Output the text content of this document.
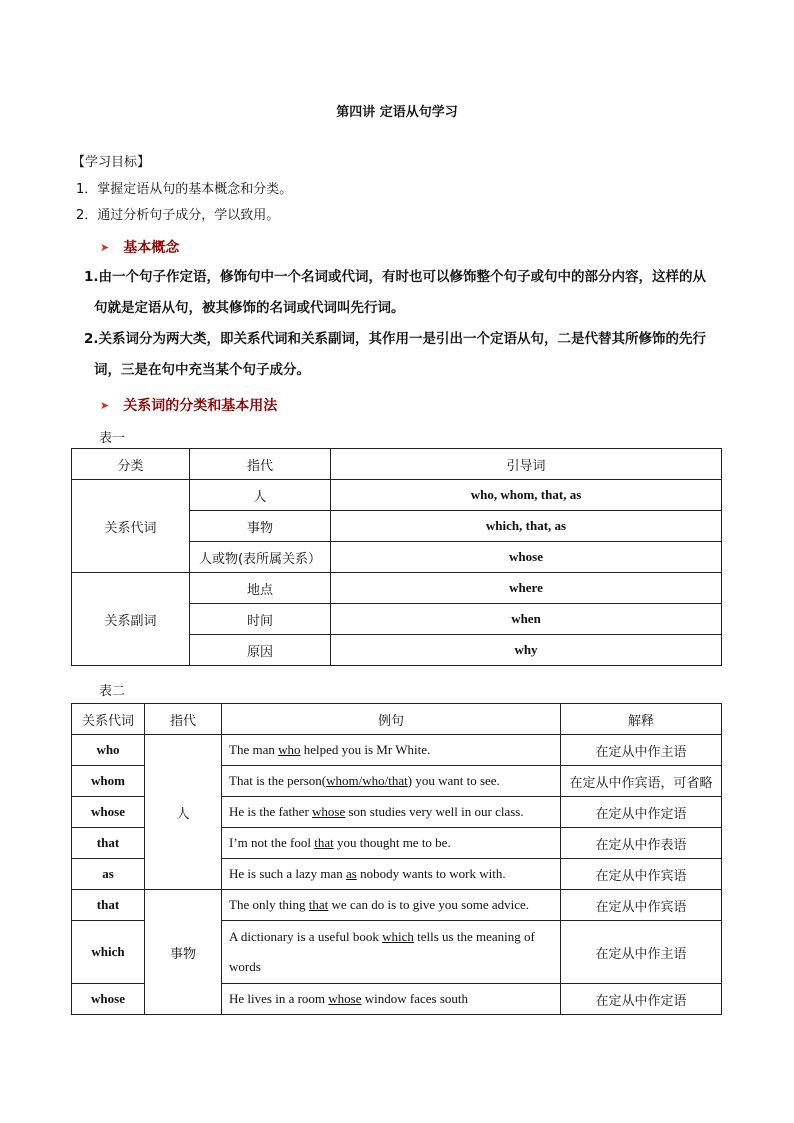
第四讲 定语从句学习
【学习目标】
1．掌握定语从句的基本概念和分类。
2．通过分析句子成分，学以致用。
➤ 基本概念
1.由一个句子作定语，修饰句中一个名词或代词，有时也可以修饰整个句子或句中的部分内容，这样的从
句就是定语从句，被其修饰的名词或代词叫先行词。
2.关系词分为两大类，即关系代词和关系副词，其作用一是引出一个定语从句，二是代替其所修饰的先行
词，三是在句中充当某个句子成分。
➤ 关系词的分类和基本用法
表一
分类	指代	引导词
关系代词	人	who, whom, that, as
	事物	which, that, as
	人或物(表所属关系）	whose
关系副词	地点	where
	时间	when
	原因	why
表二
关系代词	指代	例句	解释
who	人	The man who helped you is Mr White.	在定从中作主语
whom		That is the person(whom/who/that) you want to see.	在定从中作宾语，可省略
whose		He is the father whose son studies very well in our class.	在定从中作定语
that		I’m not the fool that you thought me to be.	在定从中作表语
as		He is such a lazy man as nobody wants to work with.	在定从中作宾语
that	事物	The only thing that we can do is to give you some advice.	在定从中作宾语
which		A dictionary is a useful book which tells us the meaning of words	在定从中作主语
whose		He lives in a room whose window faces south	在定从中作定语
